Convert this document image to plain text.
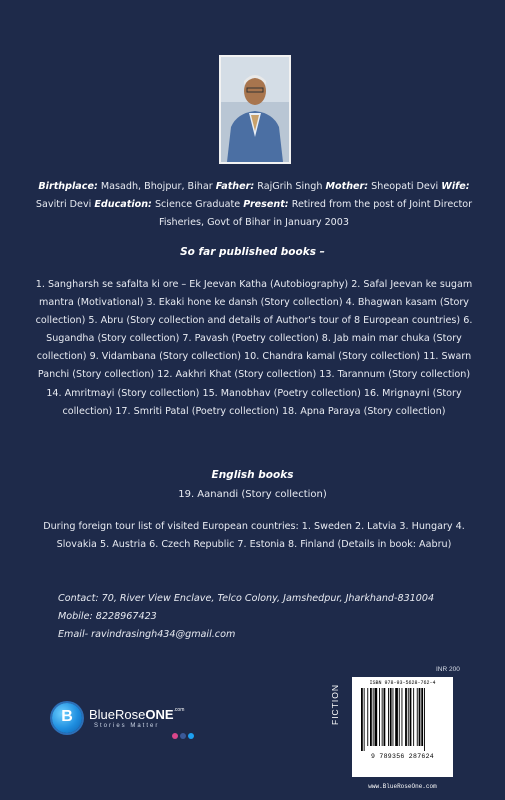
Birthplace: Masadh, Bhojpur, Bihar Father: RajGrih Singh Mother: Sheopati Devi Wife: Savitri Devi Education: Science Graduate Present: Retired from the post of Joint Director Fisheries, Govt of Bihar in January 2003
So far published books –
1. Sangharsh se safalta ki ore – Ek Jeevan Katha (Autobiography) 2. Safal Jeevan ke sugam mantra (Motivational) 3. Ekaki hone ke dansh (Story collection) 4. Bhagwan kasam (Story collection) 5. Abru (Story collection and details of Author's tour of 8 European countries) 6. Sugandha (Story collection) 7. Pavash (Poetry collection) 8. Jab main mar chuka (Story collection) 9. Vidambana (Story collection) 10. Chandra kamal (Story collection) 11. Swarn Panchi (Story collection) 12. Aakhri Khat (Story collection) 13. Tarannum (Story collection) 14. Amritmayi (Story collection) 15. Manobhav (Poetry collection) 16. Mrignayni (Story collection) 17. Smriti Patal (Poetry collection) 18. Apna Paraya (Story collection)
English books
19. Aanandi (Story collection)
During foreign tour list of visited European countries: 1. Sweden 2. Latvia 3. Hungary 4. Slovakia 5. Austria 6. Czech Republic 7. Estonia 8. Finland (Details in book: Aabru)
Contact: 70, River View Enclave, Telco Colony, Jamshedpur, Jharkhand-831004
Mobile: 8228967423
Email- ravindrasingh434@gmail.com
B	BlueRoseONE$^{.com}$
Stories Matter
INR 200
FICTION
ISBN 978-93-5628-762-4
9 789356 287624
www.BlueRoseOne.com
